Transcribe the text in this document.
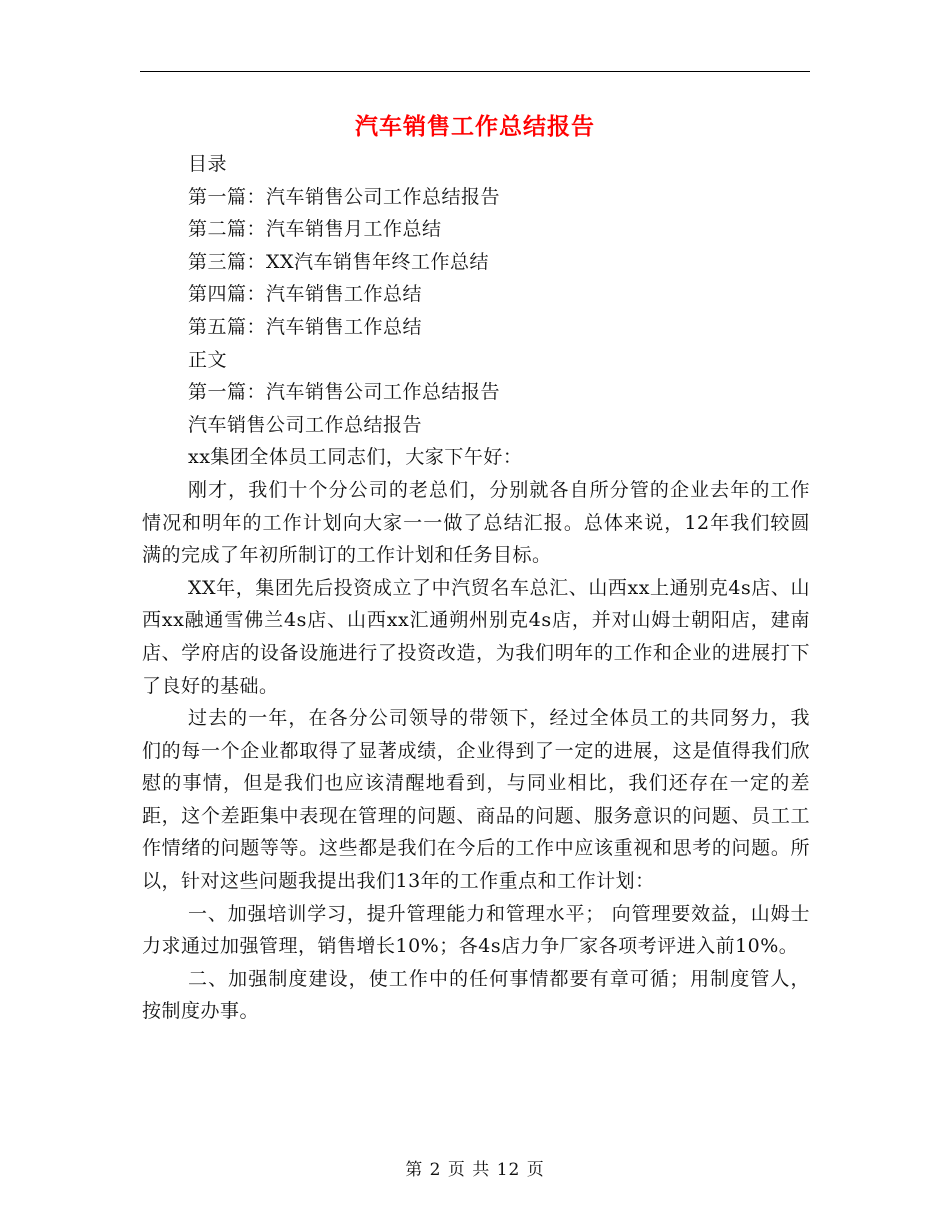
汽车销售工作总结报告
目录
第一篇：汽车销售公司工作总结报告
第二篇：汽车销售月工作总结
第三篇：XX汽车销售年终工作总结
第四篇：汽车销售工作总结
第五篇：汽车销售工作总结
正文
第一篇：汽车销售公司工作总结报告
汽车销售公司工作总结报告
xx集团全体员工同志们，大家下午好：
刚才，我们十个分公司的老总们，分别就各自所分管的企业去年的工作情况和明年的工作计划向大家一一做了总结汇报。总体来说，12年我们较圆满的完成了年初所制订的工作计划和任务目标。
XX年，集团先后投资成立了中汽贸名车总汇、山西xx上通别克4s店、山西xx融通雪佛兰4s店、山西xx汇通朔州别克4s店，并对山姆士朝阳店，建南店、学府店的设备设施进行了投资改造，为我们明年的工作和企业的进展打下了良好的基础。
过去的一年，在各分公司领导的带领下，经过全体员工的共同努力，我们的每一个企业都取得了显著成绩，企业得到了一定的进展，这是值得我们欣慰的事情，但是我们也应该清醒地看到，与同业相比，我们还存在一定的差距，这个差距集中表现在管理的问题、商品的问题、服务意识的问题、员工工作情绪的问题等等。这些都是我们在今后的工作中应该重视和思考的问题。所以，针对这些问题我提出我们13年的工作重点和工作计划：
一、加强培训学习，提升管理能力和管理水平； 向管理要效益，山姆士力求通过加强管理，销售增长10%；各4s店力争厂家各项考评进入前10%。
二、加强制度建设，使工作中的任何事情都要有章可循；用制度管人，按制度办事。
第 2 页 共 12 页
